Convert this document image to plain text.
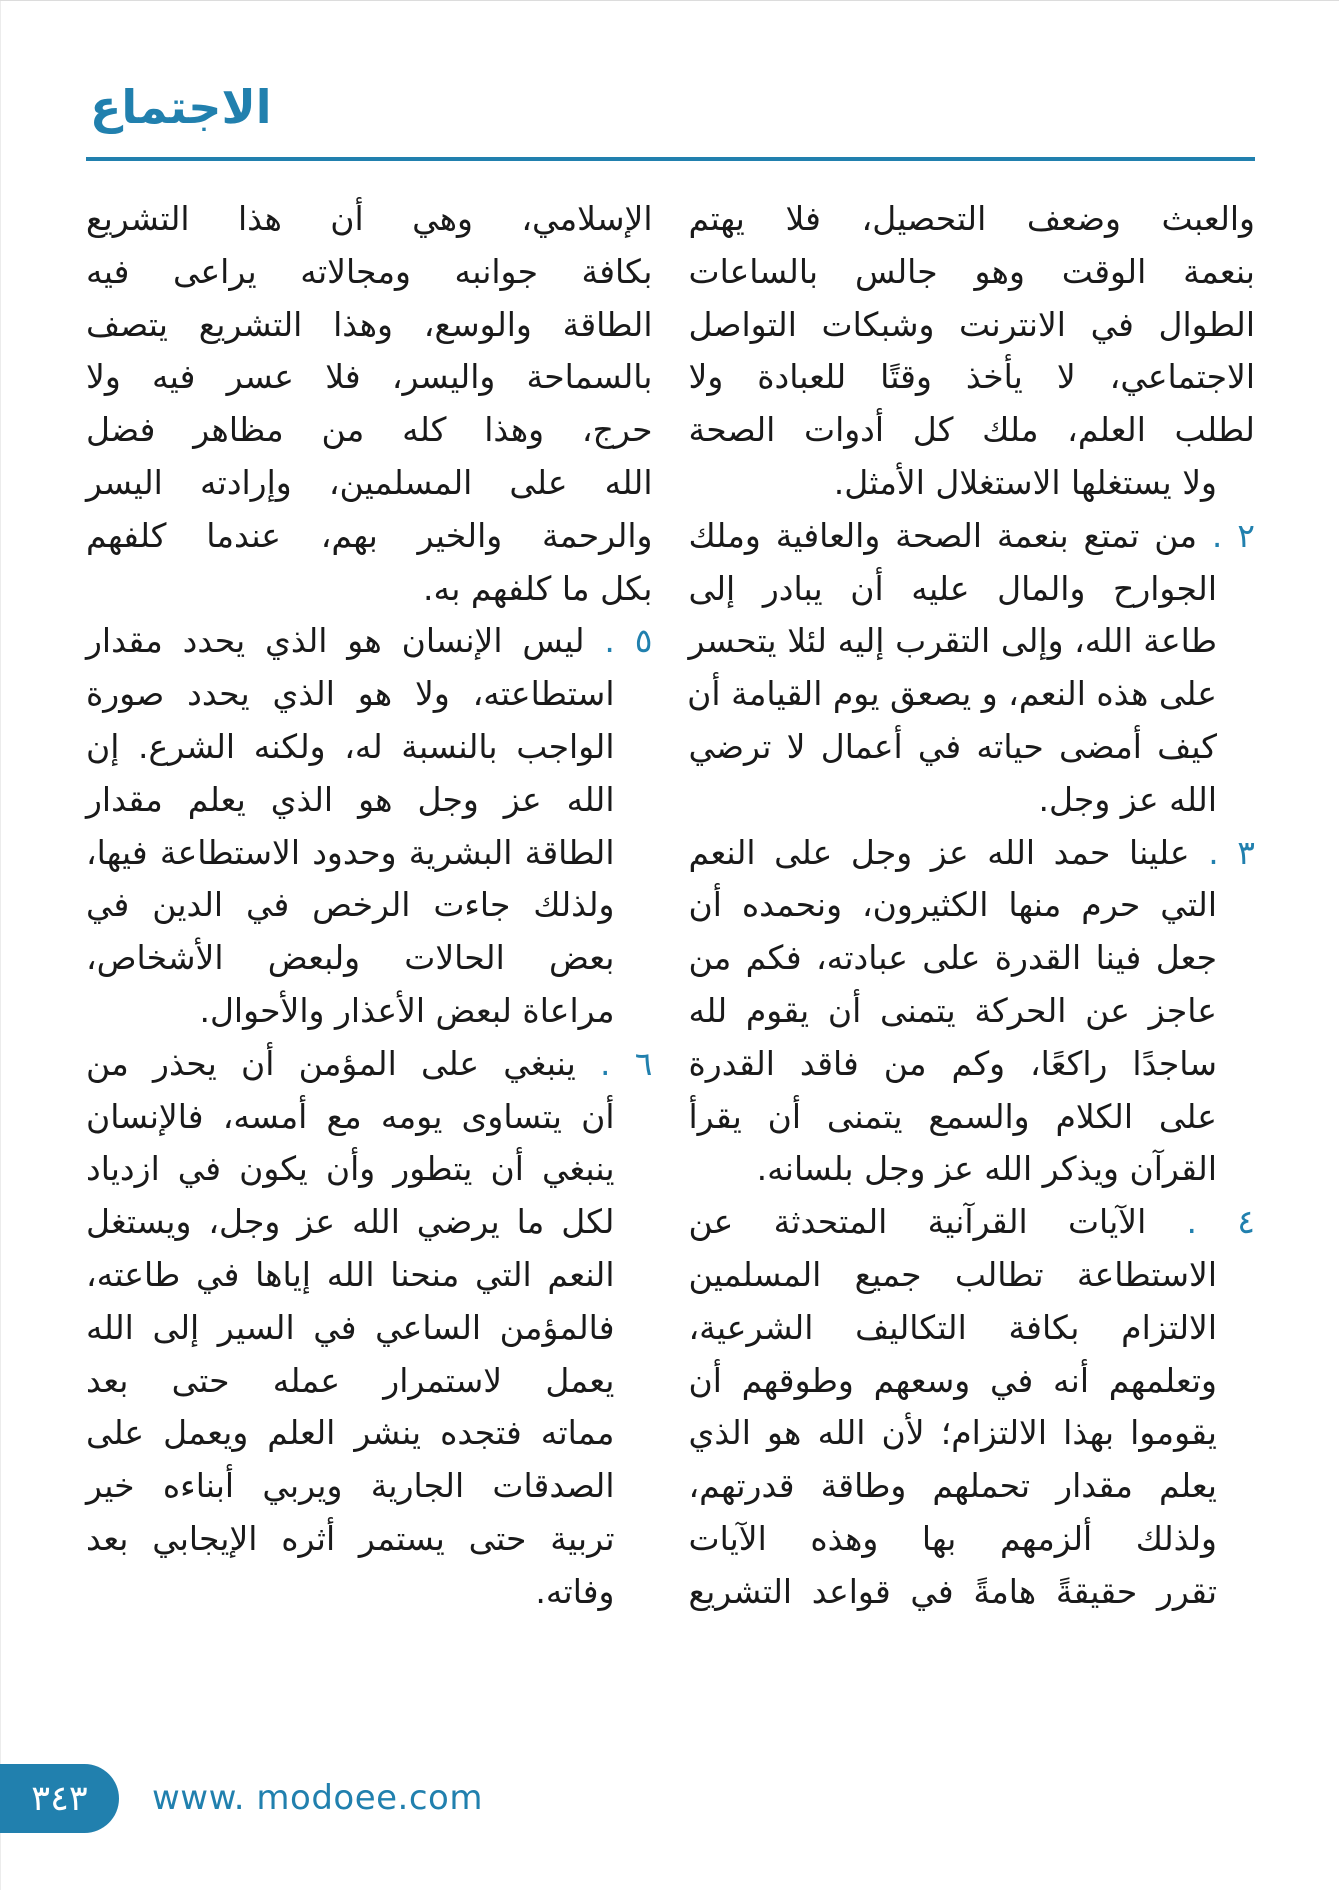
الاجتماع
والعبث وضعف التحصيل، فلا يهتم
بنعمة الوقت وهو جالس بالساعات
الطوال في الانترنت وشبكات التواصل
الاجتماعي، لا يأخذ وقتًا للعبادة ولا
لطلب العلم، ملك كل أدوات الصحة
ولا يستغلها الاستغلال الأمثل.
٢ . من تمتع بنعمة الصحة والعافية وملك
الجوارح والمال عليه أن يبادر إلى
طاعة الله، وإلى التقرب إليه لئلا يتحسر
على هذه النعم، و يصعق يوم القيامة أن
كيف أمضى حياته في أعمال لا ترضي
الله عز وجل.
٣ . علينا حمد الله عز وجل على النعم
التي حرم منها الكثيرون، ونحمده أن
جعل فينا القدرة على عبادته، فكم من
عاجز عن الحركة يتمنى أن يقوم لله
ساجدًا راكعًا، وكم من فاقد القدرة
على الكلام والسمع يتمنى أن يقرأ
القرآن ويذكر الله عز وجل بلسانه.
٤ . الآيات القرآنية المتحدثة عن
الاستطاعة تطالب جميع المسلمين
الالتزام بكافة التكاليف الشرعية،
وتعلمهم أنه في وسعهم وطوقهم أن
يقوموا بهذا الالتزام؛ لأن الله هو الذي
يعلم مقدار تحملهم وطاقة قدرتهم،
ولذلك ألزمهم بها وهذه الآيات
تقرر حقيقةً هامةً في قواعد التشريع
الإسلامي، وهي أن هذا التشريع
بكافة جوانبه ومجالاته يراعى فيه
الطاقة والوسع، وهذا التشريع يتصف
بالسماحة واليسر، فلا عسر فيه ولا
حرج، وهذا كله من مظاهر فضل
الله على المسلمين، وإرادته اليسر
والرحمة والخير بهم، عندما كلفهم
بكل ما كلفهم به.
٥ . ليس الإنسان هو الذي يحدد مقدار
استطاعته، ولا هو الذي يحدد صورة
الواجب بالنسبة له، ولكنه الشرع. إن
الله عز وجل هو الذي يعلم مقدار
الطاقة البشرية وحدود الاستطاعة فيها،
ولذلك جاءت الرخص في الدين في
بعض الحالات ولبعض الأشخاص،
مراعاة لبعض الأعذار والأحوال.
٦ . ينبغي على المؤمن أن يحذر من
أن يتساوى يومه مع أمسه، فالإنسان
ينبغي أن يتطور وأن يكون في ازدياد
لكل ما يرضي الله عز وجل، ويستغل
النعم التي منحنا الله إياها في طاعته،
فالمؤمن الساعي في السير إلى الله
يعمل لاستمرار عمله حتى بعد
مماته فتجده ينشر العلم ويعمل على
الصدقات الجارية ويربي أبناءه خير
تربية حتى يستمر أثره الإيجابي بعد
وفاته.
٣٤٣ www. modoee.com
